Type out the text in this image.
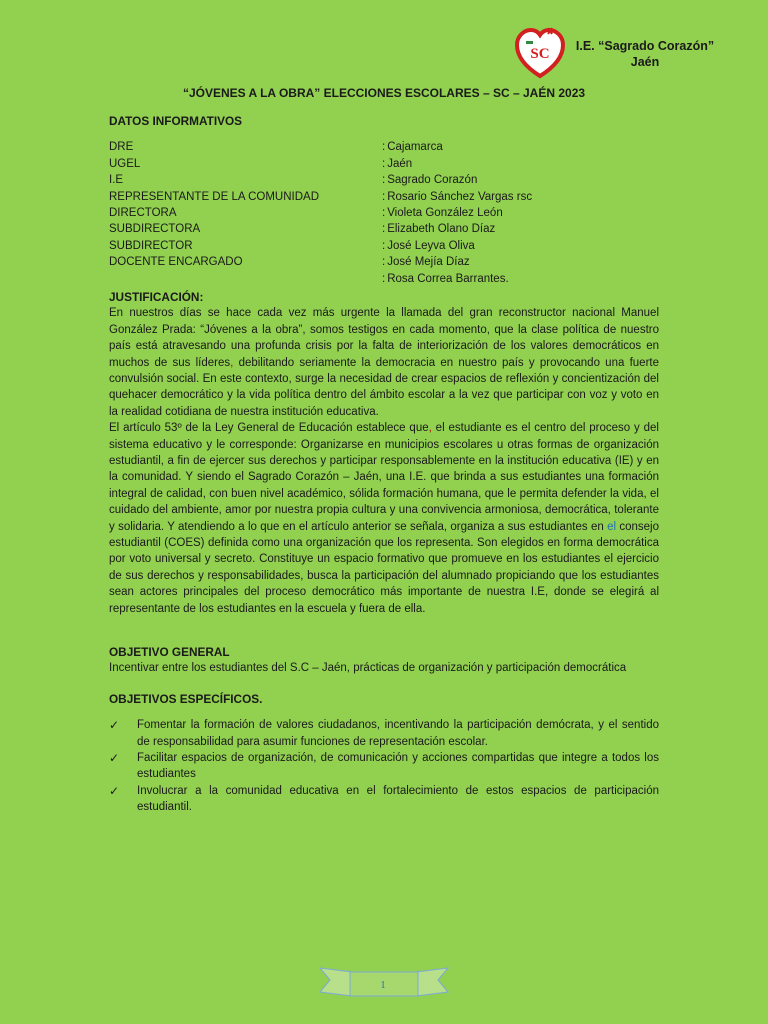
SC	I.E. “Sagrado Corazón”
Jaén
“JÓVENES A LA OBRA” ELECCIONES ESCOLARES – SC – JAÉN 2023
DATOS INFORMATIVOS
DRE	: Cajamarca
UGEL	: Jaén
I.E	: Sagrado Corazón
REPRESENTANTE DE LA COMUNIDAD	: Rosario Sánchez Vargas rsc
DIRECTORA	: Violeta González León
SUBDIRECTORA	: Elizabeth Olano Díaz
SUBDIRECTOR	: José Leyva Oliva
DOCENTE ENCARGADO	: José Mejía Díaz
: Rosa Correa Barrantes.
JUSTIFICACIÓN:

En nuestros días se hace cada vez más urgente la llamada del gran reconstructor nacional Manuel González Prada: “Jóvenes a la obra”, somos testigos en cada momento, que la clase política de nuestro país está atravesando una profunda crisis por la falta de interiorización de los valores democráticos en muchos de sus líderes, debilitando seriamente la democracia en nuestro país y provocando una fuerte convulsión social. En este contexto, surge la necesidad de crear espacios de reflexión y concientización del quehacer democrático y la vida política dentro del ámbito escolar a la vez que participar con voz y voto en la realidad cotidiana de nuestra institución educativa.

El artículo 53º de la Ley General de Educación establece que, el estudiante es el centro del proceso y del sistema educativo y le corresponde: Organizarse en municipios escolares u otras formas de organización estudiantil, a fin de ejercer sus derechos y participar responsablemente en la institución educativa (IE) y en la comunidad. Y siendo el Sagrado Corazón – Jaén, una I.E. que brinda a sus estudiantes una formación integral de calidad, con buen nivel académico, sólida formación humana, que le permita defender la vida, el cuidado del ambiente, amor por nuestra propia cultura y una convivencia armoniosa, democrática, tolerante y solidaria. Y atendiendo a lo que en el artículo anterior se señala, organiza a sus estudiantes en el consejo estudiantil (COES) definida como una organización que los representa. Son elegidos en forma democrática por voto universal y secreto. Constituye un espacio formativo que promueve en los estudiantes el ejercicio de sus derechos y responsabilidades, busca la participación del alumnado propiciando que los estudiantes sean actores principales del proceso democrático más importante de nuestra I.E, donde se elegirá al representante de los estudiantes en la escuela y fuera de ella.

OBJETIVO GENERAL

Incentivar entre los estudiantes del S.C – Jaén, prácticas de organización y participación democrática

OBJETIVOS ESPECÍFICOS.
✓	Fomentar la formación de valores ciudadanos, incentivando la participación demócrata, y el sentido de responsabilidad para asumir funciones de representación escolar.
✓	Facilitar espacios de organización, de comunicación y acciones compartidas que integre a todos los estudiantes
✓	Involucrar a la comunidad educativa en el fortalecimiento de estos espacios de participación estudiantil.
1
